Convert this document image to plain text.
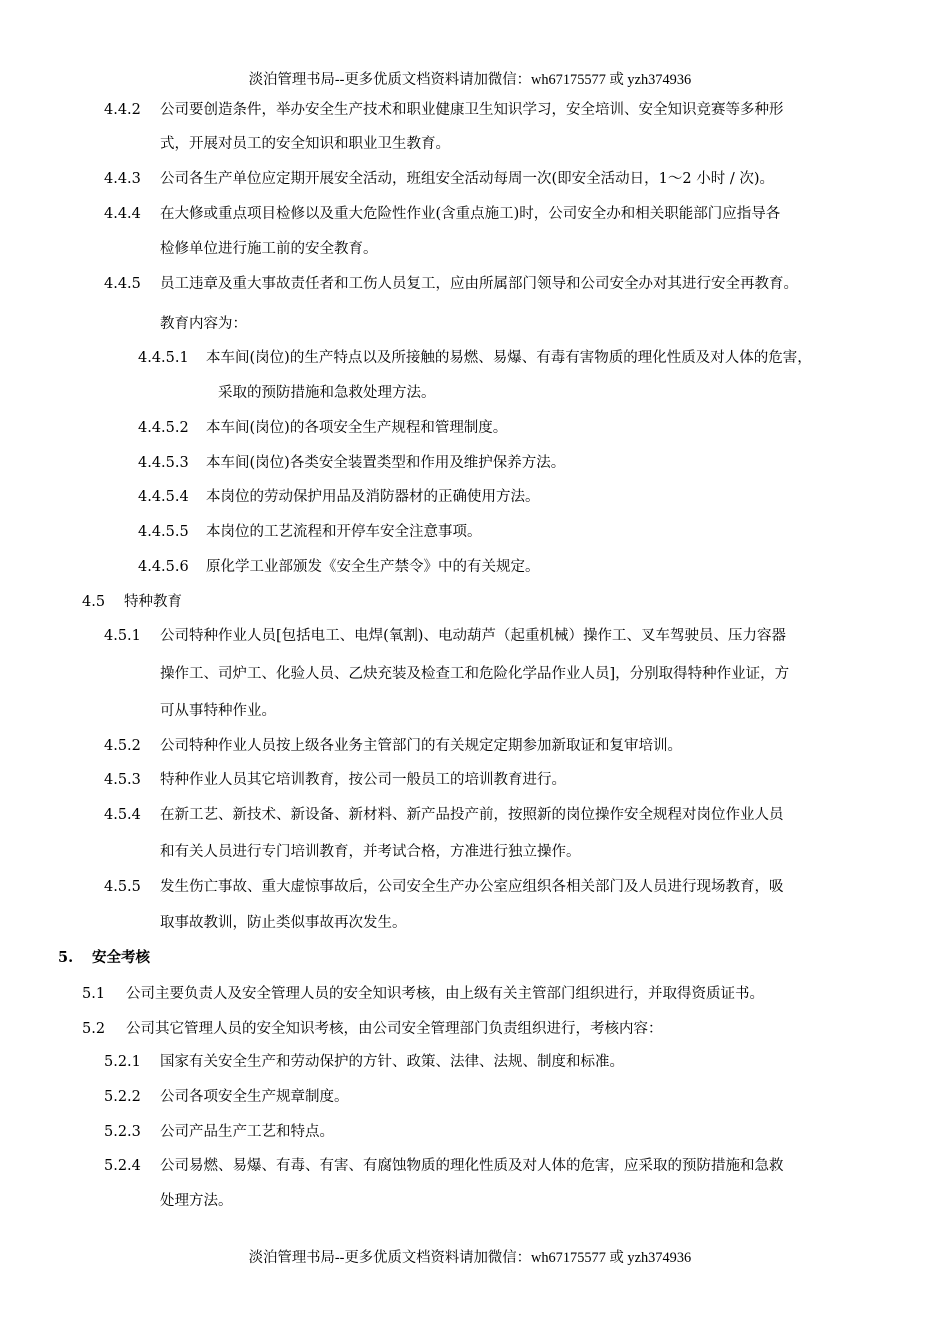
淡泊管理书局--更多优质文档资料请加微信：wh67175577 或 yzh374936
4.4.2 公司要创造条件，举办安全生产技术和职业健康卫生知识学习，安全培训、安全知识竞赛等多种形
式，开展对员工的安全知识和职业卫生教育。
4.4.3 公司各生产单位应定期开展安全活动，班组安全活动每周一次(即安全活动日，1～2 小时 / 次)。
4.4.4 在大修或重点项目检修以及重大危险性作业(含重点施工)时，公司安全办和相关职能部门应指导各
检修单位进行施工前的安全教育。
4.4.5 员工违章及重大事故责任者和工伤人员复工，应由所属部门领导和公司安全办对其进行安全再教育。
教育内容为：
4.4.5.1 本车间(岗位)的生产特点以及所接触的易燃、易爆、有毒有害物质的理化性质及对人体的危害，
采取的预防措施和急救处理方法。
4.4.5.2 本车间(岗位)的各项安全生产规程和管理制度。
4.4.5.3 本车间(岗位)各类安全装置类型和作用及维护保养方法。
4.4.5.4 本岗位的劳动保护用品及消防器材的正确使用方法。
4.4.5.5 本岗位的工艺流程和开停车安全注意事项。
4.4.5.6 原化学工业部颁发《安全生产禁令》中的有关规定。
4.5 特种教育
4.5.1 公司特种作业人员[包括电工、电焊(氧割)、电动葫芦（起重机械）操作工、叉车驾驶员、压力容器
操作工、司炉工、化验人员、乙炔充装及检查工和危险化学品作业人员]，分别取得特种作业证，方
可从事特种作业。
4.5.2 公司特种作业人员按上级各业务主管部门的有关规定定期参加新取证和复审培训。
4.5.3 特种作业人员其它培训教育，按公司一般员工的培训教育进行。
4.5.4 在新工艺、新技术、新设备、新材料、新产品投产前，按照新的岗位操作安全规程对岗位作业人员
和有关人员进行专门培训教育，并考试合格，方准进行独立操作。
4.5.5 发生伤亡事故、重大虚惊事故后，公司安全生产办公室应组织各相关部门及人员进行现场教育，吸
取事故教训，防止类似事故再次发生。
5. 安全考核
5.1 公司主要负责人及安全管理人员的安全知识考核，由上级有关主管部门组织进行，并取得资质证书。
5.2 公司其它管理人员的安全知识考核，由公司安全管理部门负责组织进行，考核内容：
5.2.1 国家有关安全生产和劳动保护的方针、政策、法律、法规、制度和标准。
5.2.2 公司各项安全生产规章制度。
5.2.3 公司产品生产工艺和特点。
5.2.4 公司易燃、易爆、有毒、有害、有腐蚀物质的理化性质及对人体的危害，应采取的预防措施和急救
处理方法。
淡泊管理书局--更多优质文档资料请加微信：wh67175577 或 yzh374936
